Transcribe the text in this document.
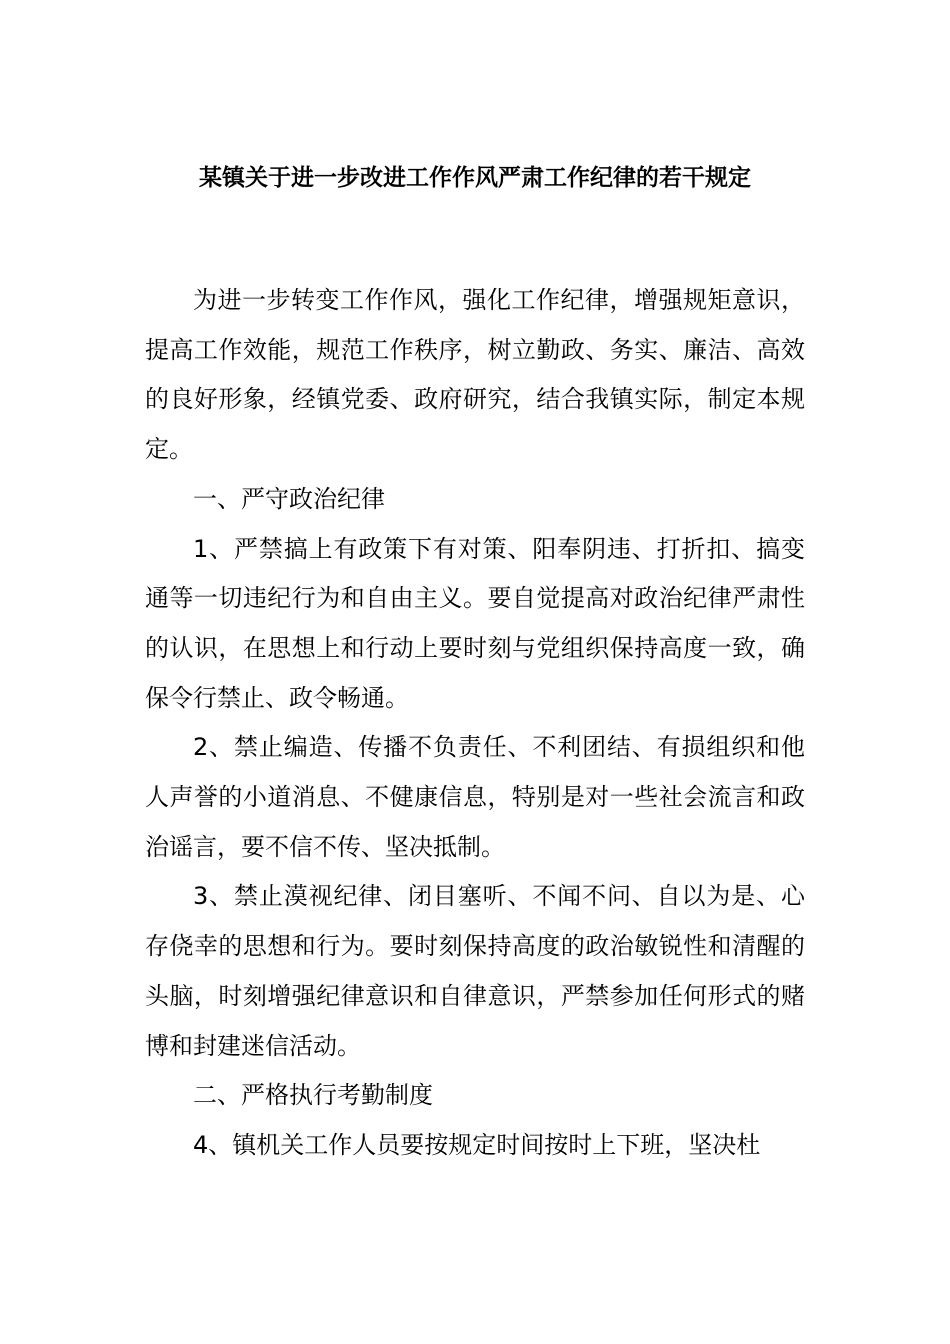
某镇关于进一步改进工作作风严肃工作纪律的若干规定

为进一步转变工作作风，强化工作纪律，增强规矩意识，提高工作效能，规范工作秩序，树立勤政、务实、廉洁、高效的良好形象，经镇党委、政府研究，结合我镇实际，制定本规定。

一、严守政治纪律

1、严禁搞上有政策下有对策、阳奉阴违、打折扣、搞变通等一切违纪行为和自由主义。要自觉提高对政治纪律严肃性的认识，在思想上和行动上要时刻与党组织保持高度一致，确保令行禁止、政令畅通。

2、禁止编造、传播不负责任、不利团结、有损组织和他人声誉的小道消息、不健康信息，特别是对一些社会流言和政治谣言，要不信不传、坚决抵制。

3、禁止漠视纪律、闭目塞听、不闻不问、自以为是、心存侥幸的思想和行为。要时刻保持高度的政治敏锐性和清醒的头脑，时刻增强纪律意识和自律意识，严禁参加任何形式的赌博和封建迷信活动。

二、严格执行考勤制度

4、镇机关工作人员要按规定时间按时上下班，坚决杜
